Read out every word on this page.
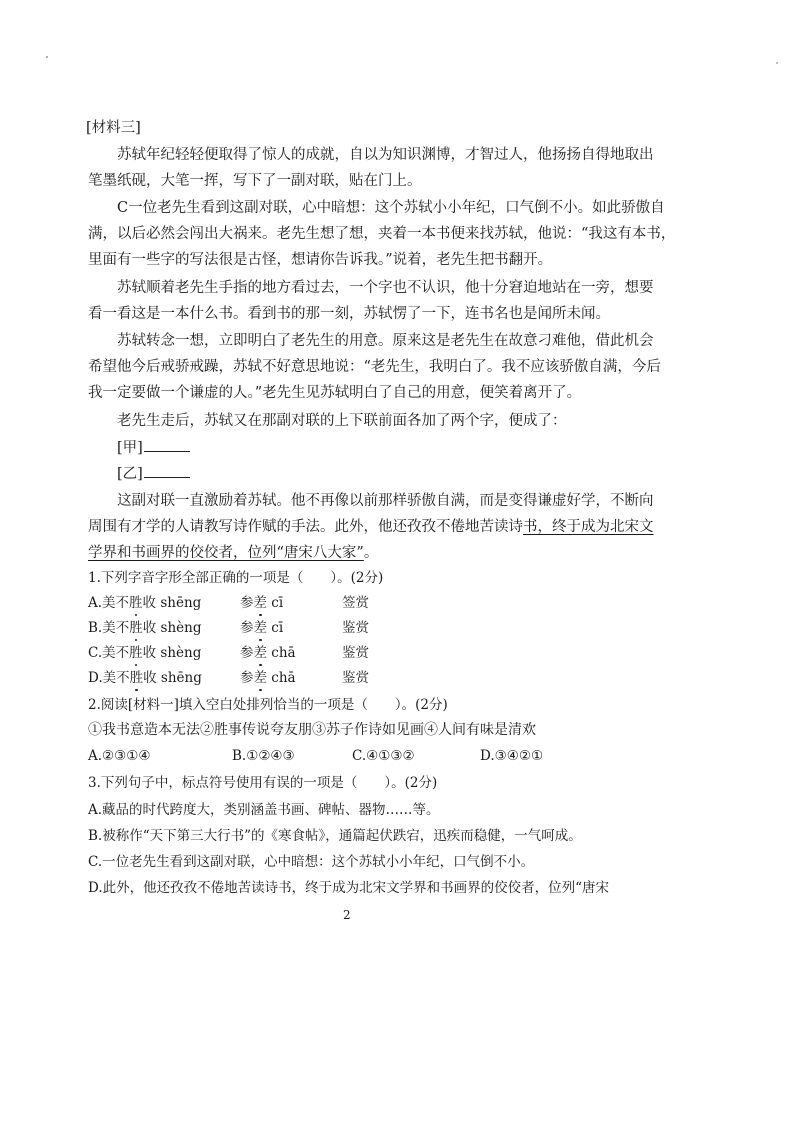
[材料三]
苏轼年纪轻轻便取得了惊人的成就，自以为知识渊博，才智过人，他扬扬自得地取出
笔墨纸砚，大笔一挥，写下了一副对联，贴在门上。
C一位老先生看到这副对联，心中暗想：这个苏轼小小年纪，口气倒不小。如此骄傲自
满，以后必然会闯出大祸来。老先生想了想，夹着一本书便来找苏轼，他说：“我这有本书，
里面有一些字的写法很是古怪，想请你告诉我。”说着，老先生把书翻开。
苏轼顺着老先生手指的地方看过去，一个字也不认识，他十分窘迫地站在一旁，想要
看一看这是一本什么书。看到书的那一刻，苏轼愣了一下，连书名也是闻所未闻。
苏轼转念一想，立即明白了老先生的用意。原来这是老先生在故意刁难他，借此机会
希望他今后戒骄戒躁，苏轼不好意思地说：“老先生，我明白了。我不应该骄傲自满，今后
我一定要做一个谦虚的人。”老先生见苏轼明白了自己的用意，便笑着离开了。
老先生走后，苏轼又在那副对联的上下联前面各加了两个字，便成了：
[甲]
[乙]
这副对联一直激励着苏轼。他不再像以前那样骄傲自满，而是变得谦虚好学，不断向
周围有才学的人请教写诗作赋的手法。此外，他还孜孜不倦地苦读诗书，终于成为北宋文
学界和书画界的佼佼者，位列“唐宋八大家”。
1.下列字音字形全部正确的一项是（　　）。(2分)
A.美不胜收 shēng	参差 cī	签赏
B.美不胜收 shèng	参差 cī	鉴赏
C.美不胜收 shèng	参差 chā	鉴赏
D.美不胜收 shēng	参差 chā	鉴赏
2.阅读[材料一]填入空白处排列恰当的一项是（　　）。(2分)
①我书意造本无法②胜事传说夸友朋③苏子作诗如见画④人间有味是清欢
A.②③①④	B.①②④③	C.④①③②	D.③④②①
3.下列句子中，标点符号使用有误的一项是（　　）。(2分)
A.藏品的时代跨度大，类别涵盖书画、碑帖、器物……等。
B.被称作“天下第三大行书”的《寒食帖》，通篇起伏跌宕，迅疾而稳健，一气呵成。
C.一位老先生看到这副对联，心中暗想：这个苏轼小小年纪，口气倒不小。
D.此外，他还孜孜不倦地苦读诗书，终于成为北宋文学界和书画界的佼佼者，位列“唐宋
2
